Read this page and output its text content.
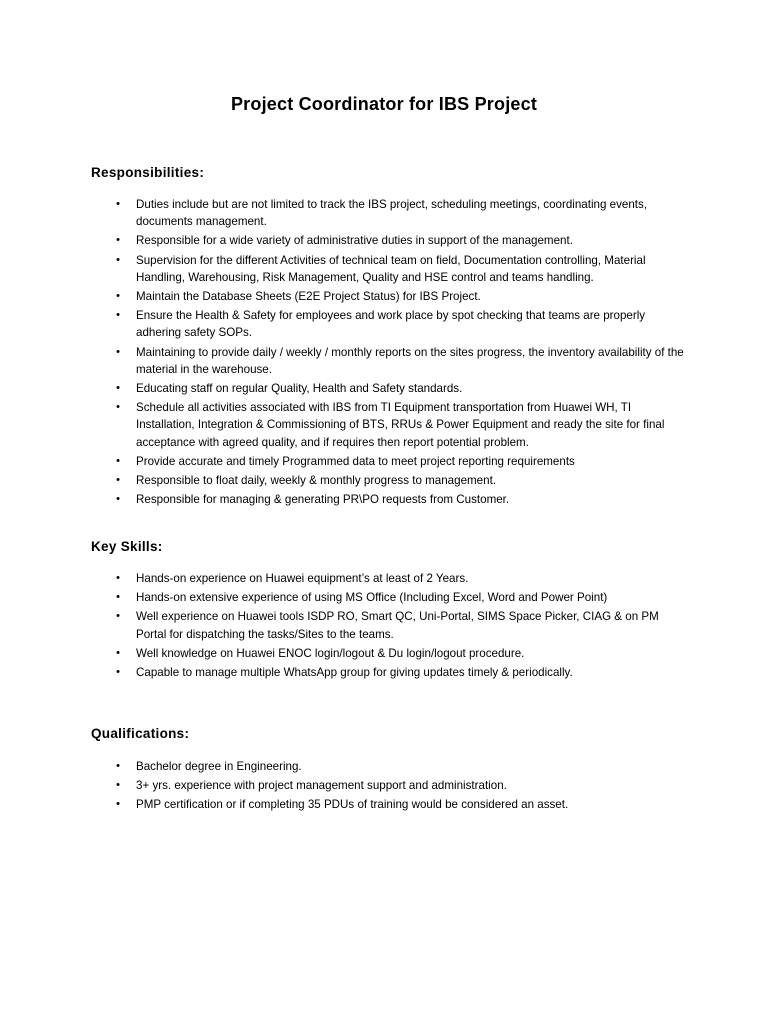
Project Coordinator for IBS Project
Responsibilities:
•	Duties include but are not limited to track the IBS project, scheduling meetings, coordinating events, documents management.
•	Responsible for a wide variety of administrative duties in support of the management.
•	Supervision for the different Activities of technical team on field, Documentation controlling, Material Handling, Warehousing, Risk Management, Quality and HSE control and teams handling.
•	Maintain the Database Sheets (E2E Project Status) for IBS Project.
•	Ensure the Health & Safety for employees and work place by spot checking that teams are properly adhering safety SOPs.
•	Maintaining to provide daily / weekly / monthly reports on the sites progress, the inventory availability of the material in the warehouse.
•	Educating staff on regular Quality, Health and Safety standards.
•	Schedule all activities associated with IBS from TI Equipment transportation from Huawei WH, TI Installation, Integration & Commissioning of BTS, RRUs & Power Equipment and ready the site for final acceptance with agreed quality, and if requires then report potential problem.
•	Provide accurate and timely Programmed data to meet project reporting requirements
•	Responsible to float daily, weekly & monthly progress to management.
•	Responsible for managing & generating PR\PO requests from Customer.
Key Skills:
•	Hands-on experience on Huawei equipment’s at least of 2 Years.
•	Hands-on extensive experience of using MS Office (Including Excel, Word and Power Point)
•	Well experience on Huawei tools ISDP RO, Smart QC, Uni-Portal, SIMS Space Picker, CIAG & on PM Portal for dispatching the tasks/Sites to the teams.
•	Well knowledge on Huawei ENOC login/logout & Du login/logout procedure.
•	Capable to manage multiple WhatsApp group for giving updates timely & periodically.
Qualifications:
•	Bachelor degree in Engineering.
•	3+ yrs. experience with project management support and administration.
•	PMP certification or if completing 35 PDUs of training would be considered an asset.
